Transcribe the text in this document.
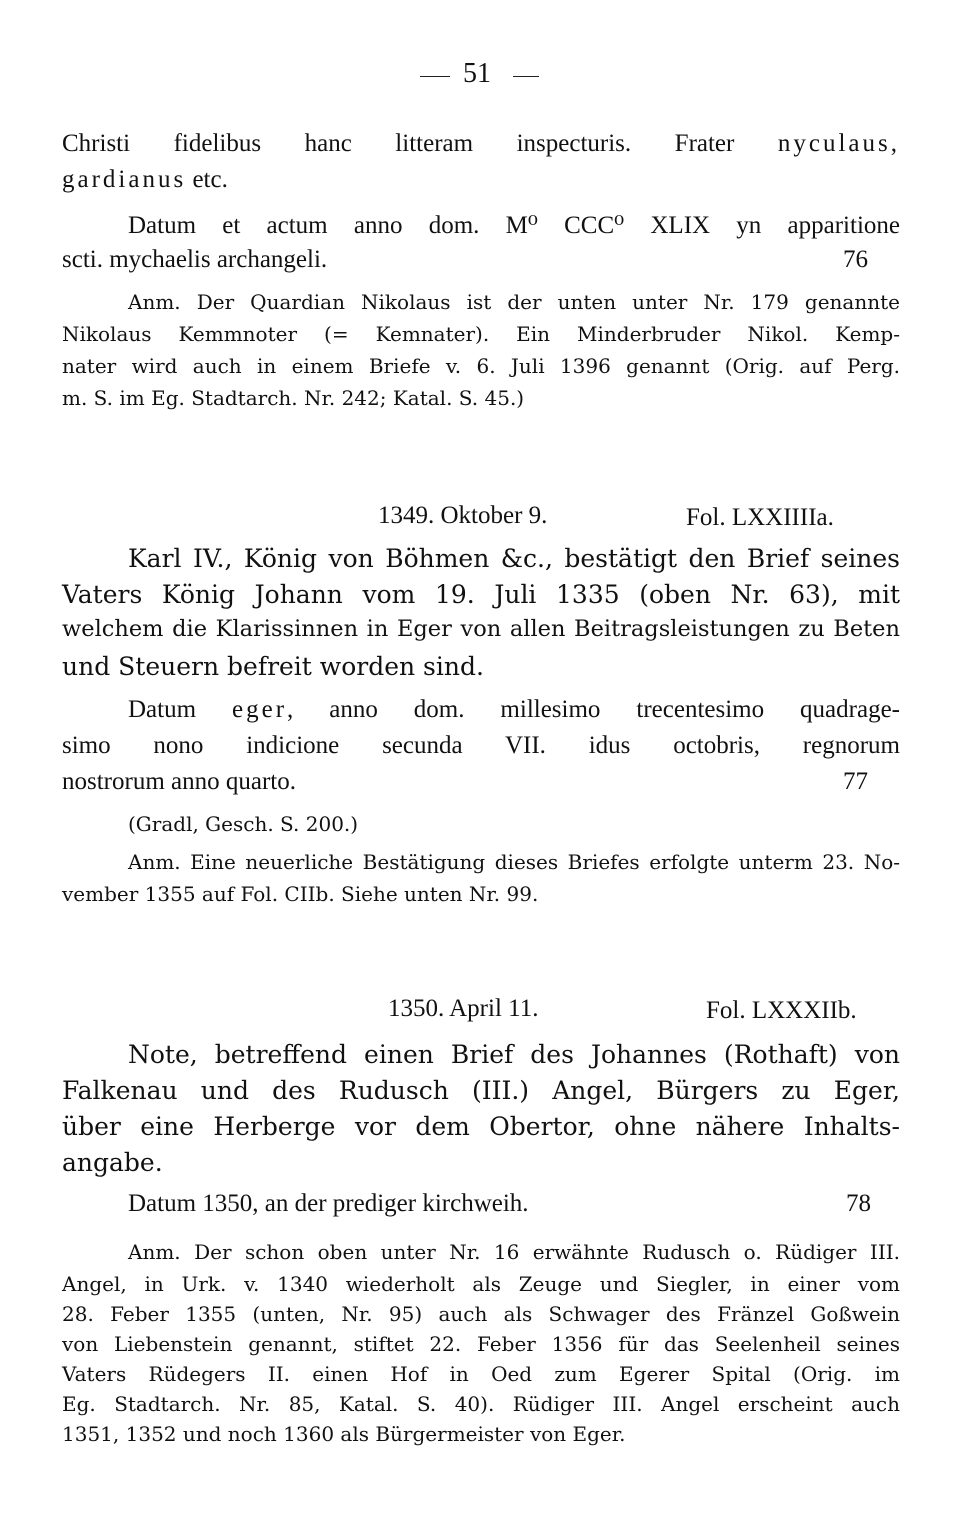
51
Christi fidelibus hanc litteram inspecturis. Frater nyculaus,
gardianus etc.
Datum et actum anno dom. M⁰ CCC⁰ XLIX yn apparitione
scti. mychaelis archangeli.	76
Anm. Der Quardian Nikolaus ist der unten unter Nr. 179 genannte
Nikolaus Kemmnoter (= Kemnater). Ein Minderbruder Nikol. Kemp-
nater wird auch in einem Briefe v. 6. Juli 1396 genannt (Orig. auf Perg.
m. S. im Eg. Stadtarch. Nr. 242; Katal. S. 45.)
1349. Oktober 9.	Fol. LXXIIIIa.
Karl IV., König von Böhmen &c., bestätigt den Brief seines
Vaters König Johann vom 19. Juli 1335 (oben Nr. 63), mit
welchem die Klarissinnen in Eger von allen Beitragsleistungen zu Beten
und Steuern befreit worden sind.
Datum eger, anno dom. millesimo trecentesimo quadrage-
simo nono indicione secunda VII. idus octobris, regnorum
nostrorum anno quarto.	77
(Gradl, Gesch. S. 200.)
Anm. Eine neuerliche Bestätigung dieses Briefes erfolgte unterm 23. No-
vember 1355 auf Fol. CIIb. Siehe unten Nr. 99.
1350. April 11.	Fol. LXXXIIb.
Note, betreffend einen Brief des Johannes (Rothaft) von
Falkenau und des Rudusch (III.) Angel, Bürgers zu Eger,
über eine Herberge vor dem Obertor, ohne nähere Inhalts-
angabe.
Datum 1350, an der prediger kirchweih.	78
Anm. Der schon oben unter Nr. 16 erwähnte Rudusch o. Rüdiger III.
Angel, in Urk. v. 1340 wiederholt als Zeuge und Siegler, in einer vom
28. Feber 1355 (unten, Nr. 95) auch als Schwager des Fränzel Goßwein
von Liebenstein genannt, stiftet 22. Feber 1356 für das Seelenheil seines
Vaters Rüdegers II. einen Hof in Oed zum Egerer Spital (Orig. im
Eg. Stadtarch. Nr. 85, Katal. S. 40). Rüdiger III. Angel erscheint auch
1351, 1352 und noch 1360 als Bürgermeister von Eger.
